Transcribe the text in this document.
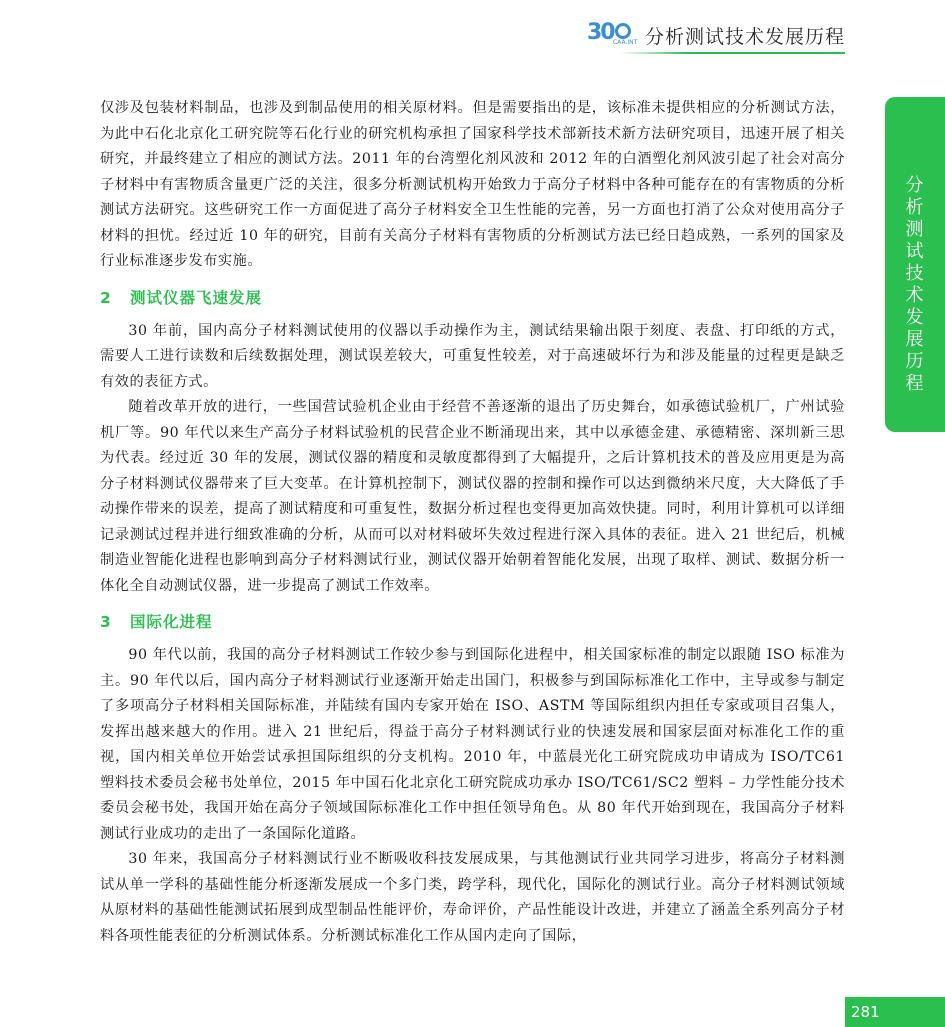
30 CAA.INT 分析测试技术发展历程
分
析
测
试
技
术
发
展
历
程

仅涉及包装材料制品，也涉及到制品使用的相关原材料。但是需要指出的是，该标准未提供相应的分析测试方法，为此中石化北京化工研究院等石化行业的研究机构承担了国家科学技术部新技术新方法研究项目，迅速开展了相关研究，并最终建立了相应的测试方法。2011 年的台湾塑化剂风波和 2012 年的白酒塑化剂风波引起了社会对高分子材料中有害物质含量更广泛的关注，很多分析测试机构开始致力于高分子材料中各种可能存在的有害物质的分析测试方法研究。这些研究工作一方面促进了高分子材料安全卫生性能的完善，另一方面也打消了公众对使用高分子材料的担忧。经过近 10 年的研究，目前有关高分子材料有害物质的分析测试方法已经日趋成熟，一系列的国家及行业标准逐步发布实施。

2 测试仪器飞速发展

30 年前，国内高分子材料测试使用的仪器以手动操作为主，测试结果输出限于刻度、表盘、打印纸的方式，需要人工进行读数和后续数据处理，测试误差较大，可重复性较差，对于高速破坏行为和涉及能量的过程更是缺乏有效的表征方式。

随着改革开放的进行，一些国营试验机企业由于经营不善逐渐的退出了历史舞台，如承德试验机厂，广州试验机厂等。90 年代以来生产高分子材料试验机的民营企业不断涌现出来，其中以承德金建、承德精密、深圳新三思为代表。经过近 30 年的发展，测试仪器的精度和灵敏度都得到了大幅提升，之后计算机技术的普及应用更是为高分子材料测试仪器带来了巨大变革。在计算机控制下，测试仪器的控制和操作可以达到微纳米尺度，大大降低了手动操作带来的误差，提高了测试精度和可重复性，数据分析过程也变得更加高效快捷。同时，利用计算机可以详细记录测试过程并进行细致准确的分析，从而可以对材料破坏失效过程进行深入具体的表征。进入 21 世纪后，机械制造业智能化进程也影响到高分子材料测试行业，测试仪器开始朝着智能化发展，出现了取样、测试、数据分析一体化全自动测试仪器，进一步提高了测试工作效率。

3 国际化进程

90 年代以前，我国的高分子材料测试工作较少参与到国际化进程中，相关国家标准的制定以跟随 ISO 标准为主。90 年代以后，国内高分子材料测试行业逐渐开始走出国门，积极参与到国际标准化工作中，主导或参与制定了多项高分子材料相关国际标准，并陆续有国内专家开始在 ISO、ASTM 等国际组织内担任专家或项目召集人，发挥出越来越大的作用。进入 21 世纪后，得益于高分子材料测试行业的快速发展和国家层面对标准化工作的重视，国内相关单位开始尝试承担国际组织的分支机构。2010 年，中蓝晨光化工研究院成功申请成为 ISO/TC61 塑料技术委员会秘书处单位，2015 年中国石化北京化工研究院成功承办 ISO/TC61/SC2 塑料 – 力学性能分技术委员会秘书处，我国开始在高分子领域国际标准化工作中担任领导角色。从 80 年代开始到现在，我国高分子材料测试行业成功的走出了一条国际化道路。

30 年来，我国高分子材料测试行业不断吸收科技发展成果，与其他测试行业共同学习进步，将高分子材料测试从单一学科的基础性能分析逐渐发展成一个多门类，跨学科，现代化，国际化的测试行业。高分子材料测试领域从原材料的基础性能测试拓展到成型制品性能评价，寿命评价，产品性能设计改进，并建立了涵盖全系列高分子材料各项性能表征的分析测试体系。分析测试标准化工作从国内走向了国际，

281
